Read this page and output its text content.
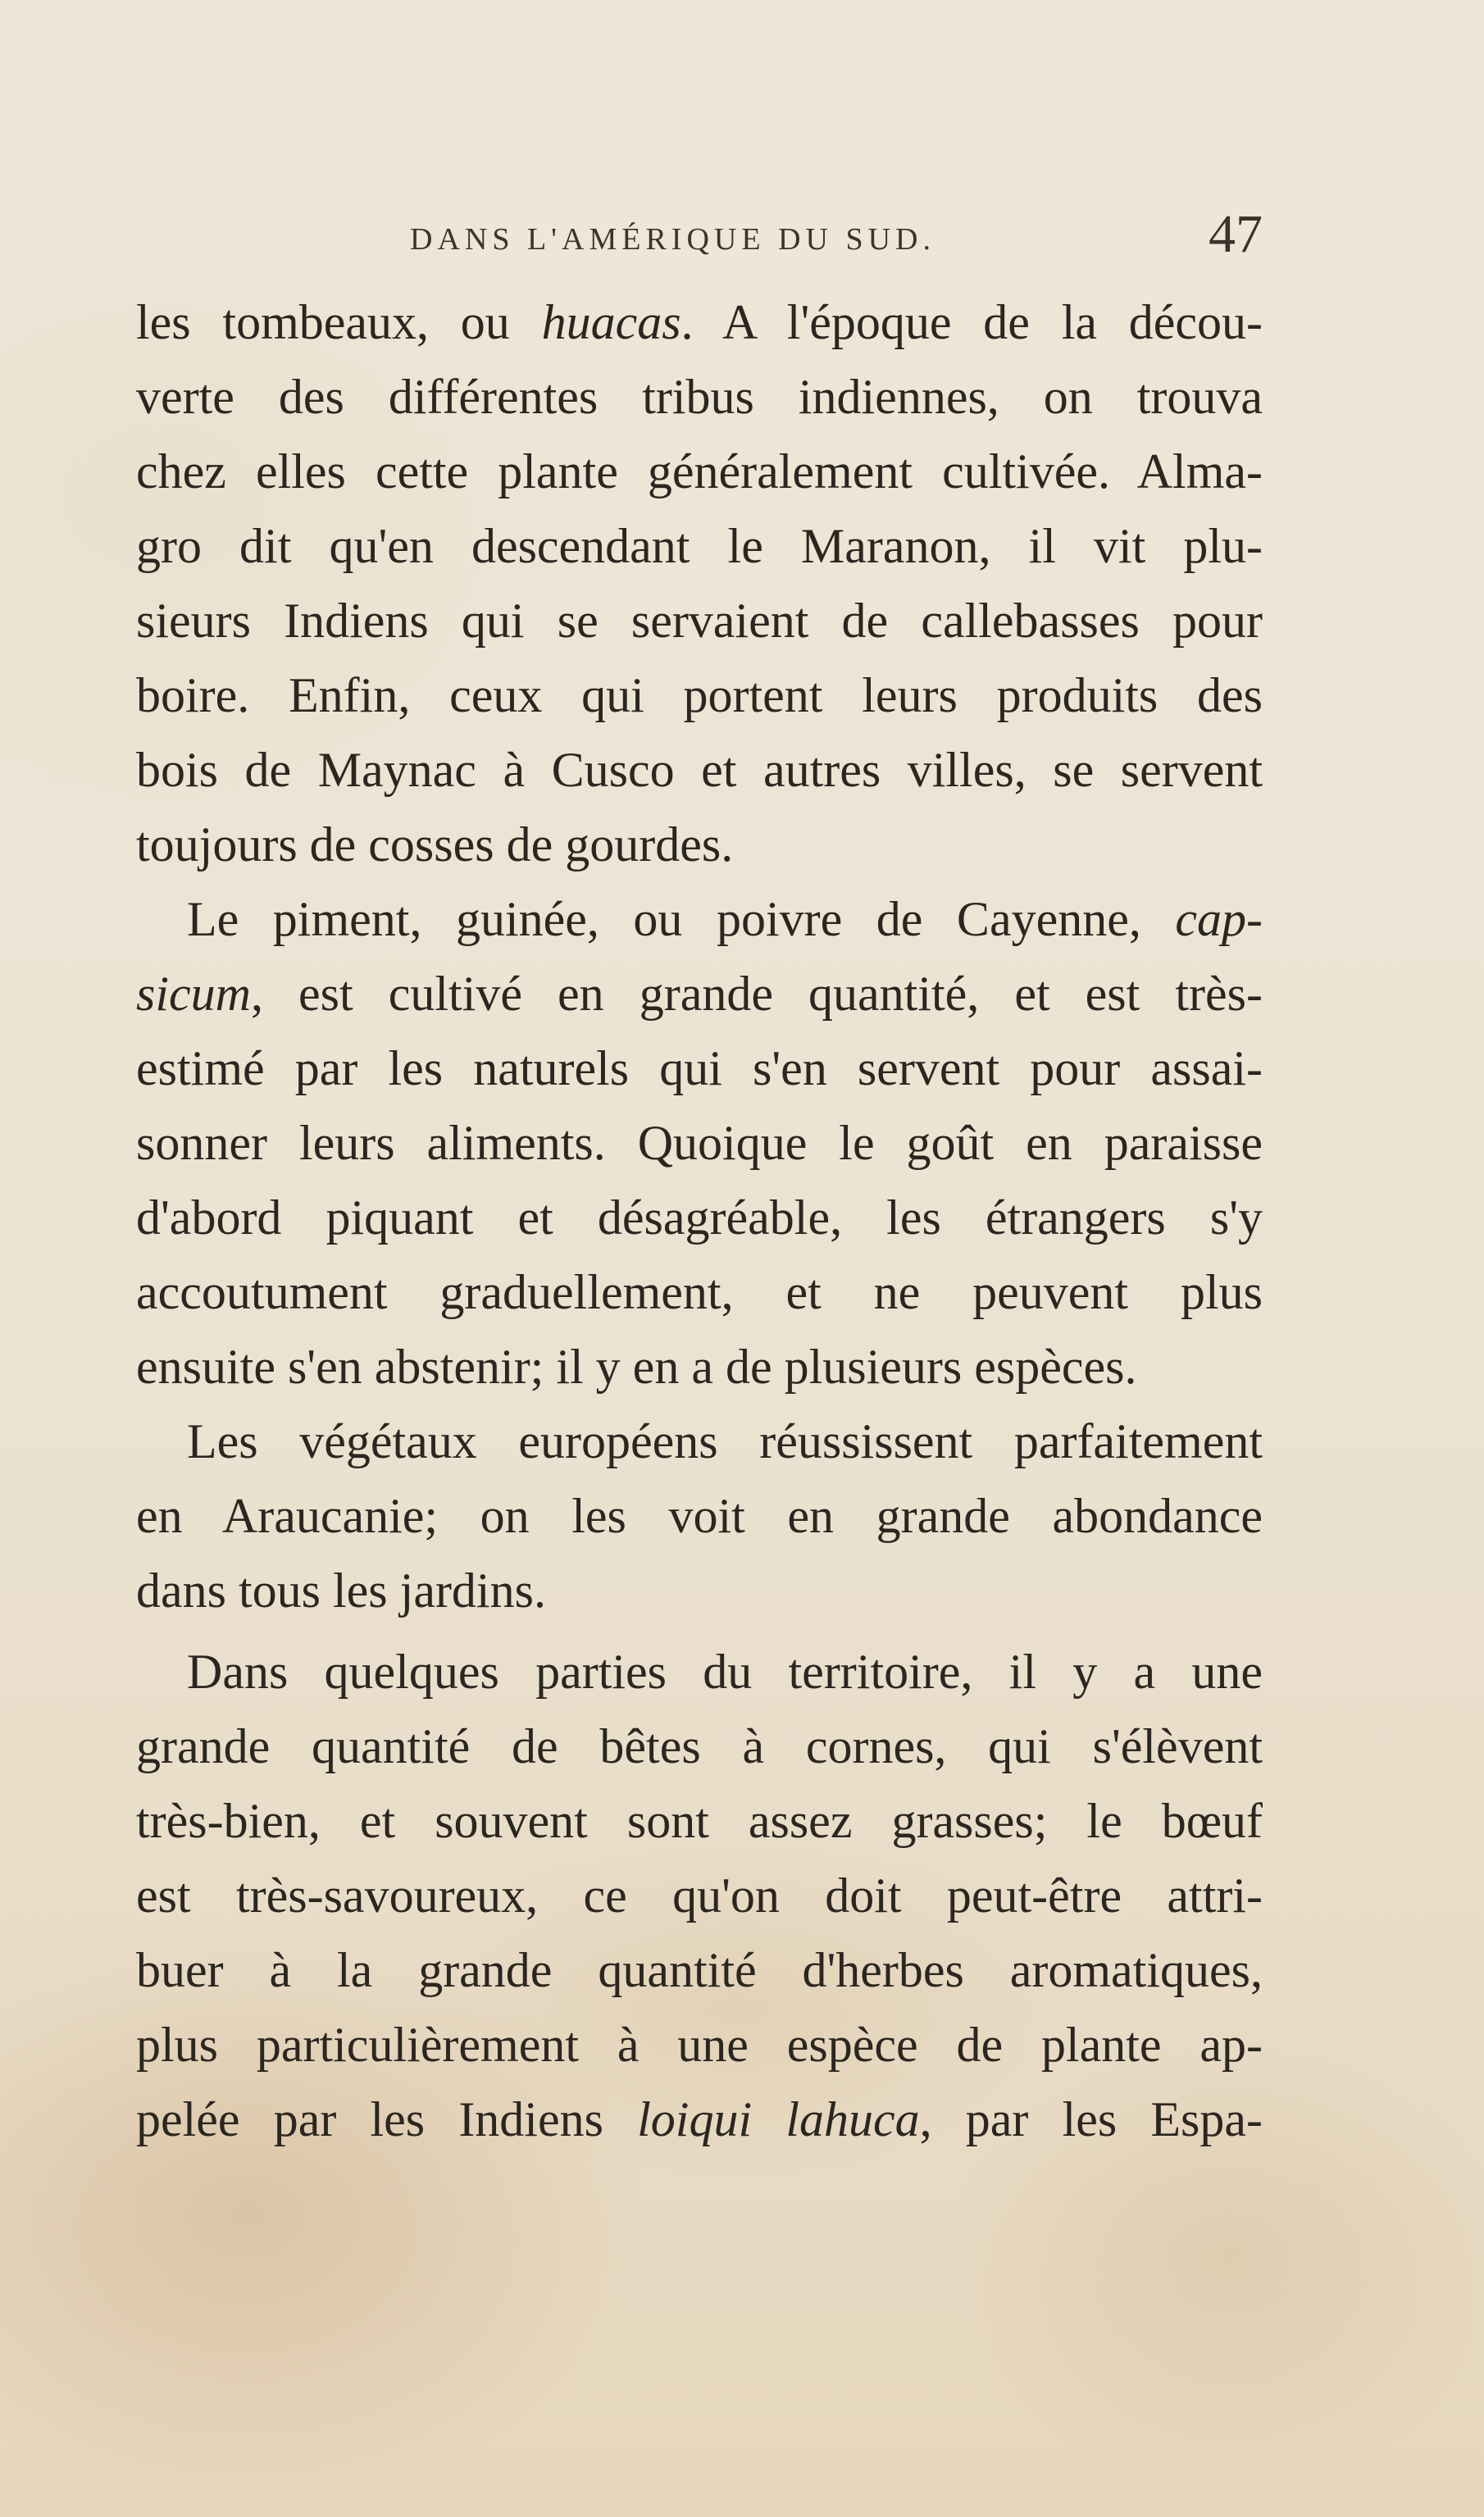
DANS L'AMÉRIQUE DU SUD.	47
les tombeaux, ou huacas. A l'époque de la décou-
verte des différentes tribus indiennes, on trouva
chez elles cette plante généralement cultivée. Alma-
gro dit qu'en descendant le Maranon, il vit plu-
sieurs Indiens qui se servaient de callebasses pour
boire. Enfin, ceux qui portent leurs produits des
bois de Maynac à Cusco et autres villes, se servent
toujours de cosses de gourdes.
Le piment, guinée, ou poivre de Cayenne, cap-
sicum, est cultivé en grande quantité, et est très-
estimé par les naturels qui s'en servent pour assai-
sonner leurs aliments. Quoique le goût en paraisse
d'abord piquant et désagréable, les étrangers s'y
accoutument graduellement, et ne peuvent plus
ensuite s'en abstenir; il y en a de plusieurs espèces.
Les végétaux européens réussissent parfaitement
en Araucanie; on les voit en grande abondance
dans tous les jardins.
Dans quelques parties du territoire, il y a une
grande quantité de bêtes à cornes, qui s'élèvent
très-bien, et souvent sont assez grasses; le bœuf
est très-savoureux, ce qu'on doit peut-être attri-
buer à la grande quantité d'herbes aromatiques,
plus particulièrement à une espèce de plante ap-
pelée par les Indiens loiqui lahuca, par les Espa-
